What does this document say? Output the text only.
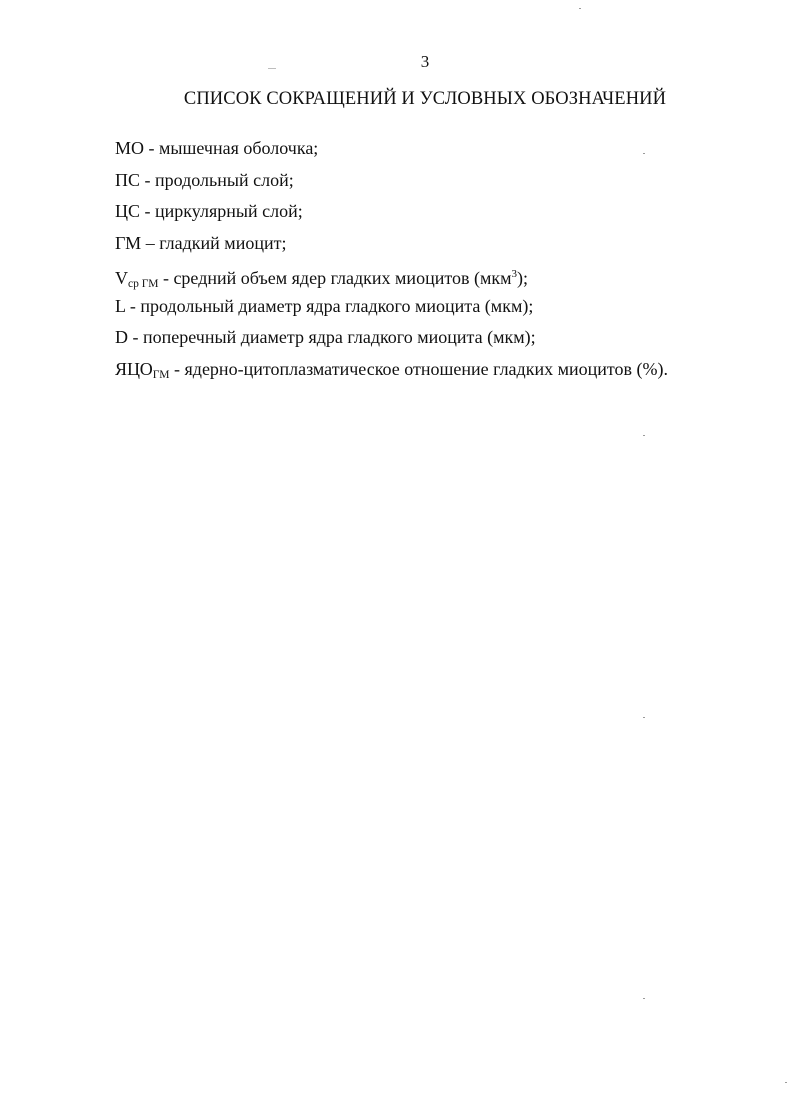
3
СПИСОК СОКРАЩЕНИЙ И УСЛОВНЫХ ОБОЗНАЧЕНИЙ
МО - мышечная оболочка;
ПС - продольный слой;
ЦС - циркулярный слой;
ГМ – гладкий миоцит;
$V_{ср ГМ}$ - средний объем ядер гладких миоцитов (мкм$^3$);
L - продольный диаметр ядра гладкого миоцита (мкм);
D - поперечный диаметр ядра гладкого миоцита (мкм);
$ЯЦО_{ГМ}$ - ядерно-цитоплазматическое отношение гладких миоцитов (%).
